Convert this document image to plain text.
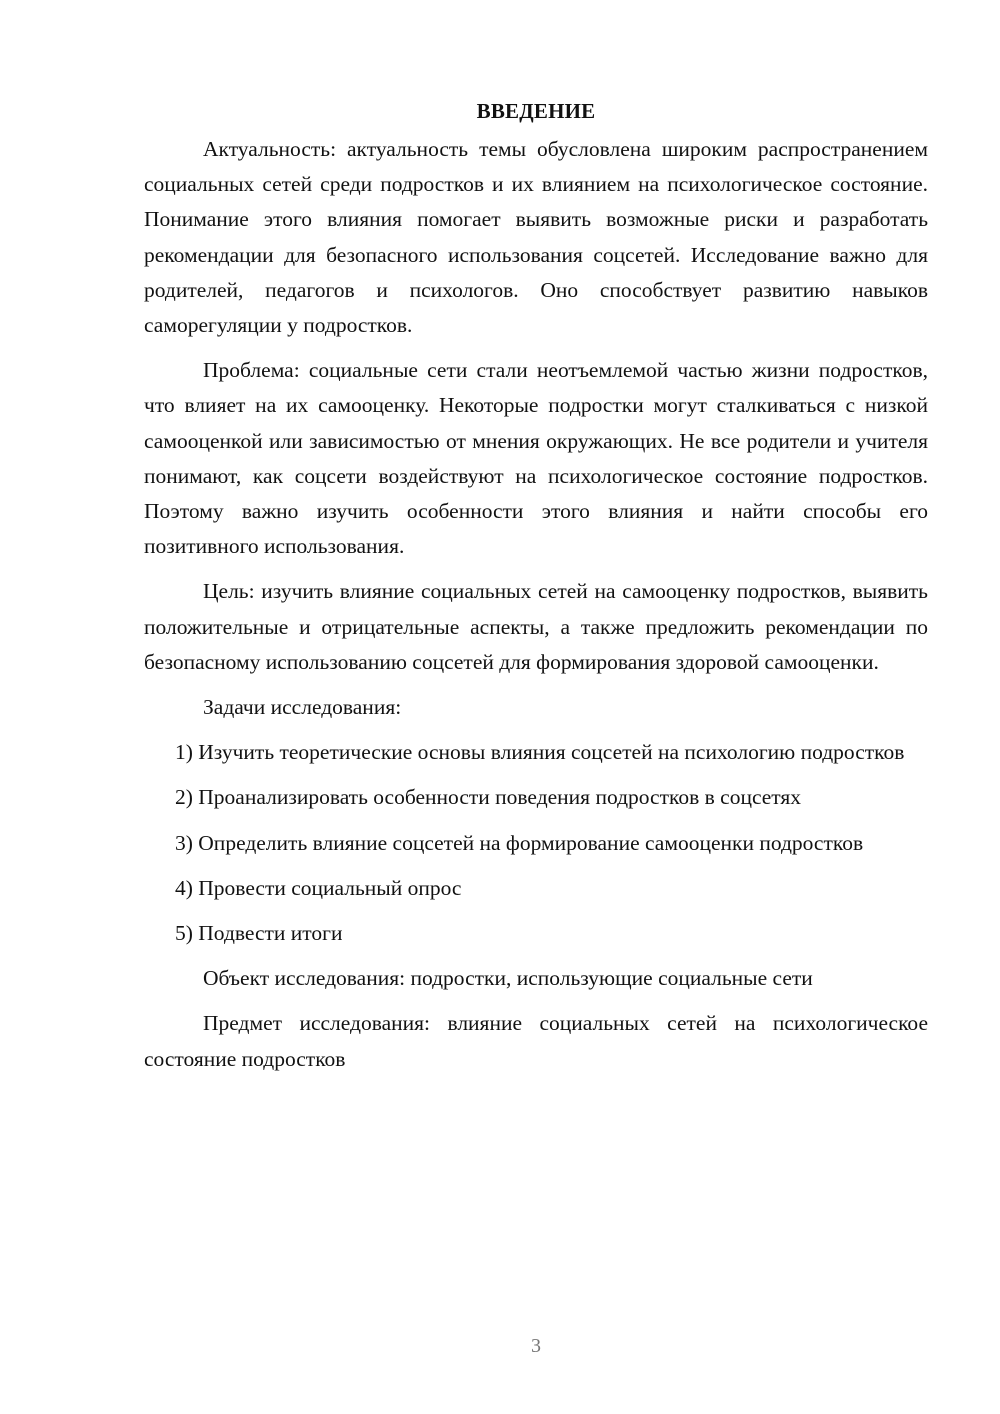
ВВЕДЕНИЕ

Актуальность: актуальность темы обусловлена широким распространением социальных сетей среди подростков и их влиянием на психологическое состояние. Понимание этого влияния помогает выявить возможные риски и разработать рекомендации для безопасного использования соцсетей. Исследование важно для родителей, педагогов и психологов. Оно способствует развитию навыков саморегуляции у подростков.

Проблема: социальные сети стали неотъемлемой частью жизни подростков, что влияет на их самооценку. Некоторые подростки могут сталкиваться с низкой самооценкой или зависимостью от мнения окружающих. Не все родители и учителя понимают, как соцсети воздействуют на психологическое состояние подростков. Поэтому важно изучить особенности этого влияния и найти способы его позитивного использования.

Цель: изучить влияние социальных сетей на самооценку подростков, выявить положительные и отрицательные аспекты, а также предложить рекомендации по безопасному использованию соцсетей для формирования здоровой самооценки.

Задачи исследования:

1) Изучить теоретические основы влияния соцсетей на психологию подростков

2) Проанализировать особенности поведения подростков в соцсетях

3) Определить влияние соцсетей на формирование самооценки подростков

4) Провести социальный опрос

5) Подвести итоги

Объект исследования: подростки, использующие социальные сети

Предмет исследования: влияние социальных сетей на психологическое состояние подростков

3
